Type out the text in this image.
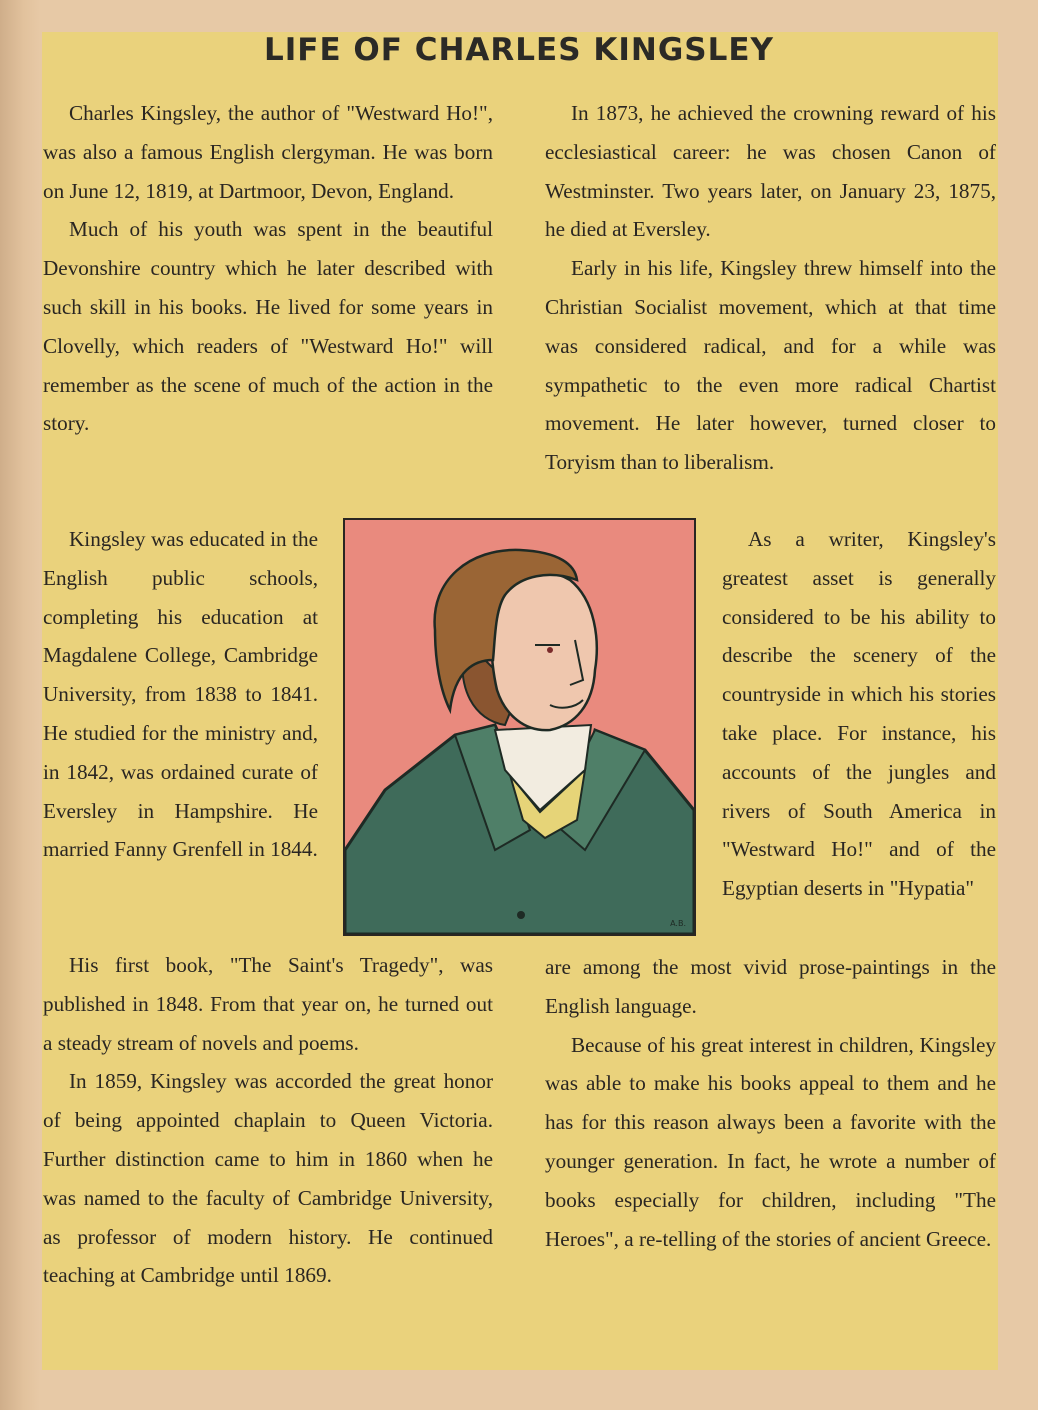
LIFE OF CHARLES KINGSLEY

Charles Kingsley, the author of "Westward Ho!", was also a famous English clergyman. He was born on June 12, 1819, at Dartmoor, Devon, England.

Much of his youth was spent in the beautiful Devonshire country which he later described with such skill in his books. He lived for some years in Clovelly, which readers of "Westward Ho!" will remember as the scene of much of the action in the story.

Kingsley was educated in the English public schools, completing his education at Magdalene College, Cambridge University, from 1838 to 1841. He studied for the ministry and, in 1842, was ordained curate of Eversley in Hampshire. He married Fanny Grenfell in 1844.

His first book, "The Saint's Tragedy", was published in 1848. From that year on, he turned out a steady stream of novels and poems.

In 1859, Kingsley was accorded the great honor of being appointed chaplain to Queen Victoria. Further distinction came to him in 1860 when he was named to the faculty of Cambridge University, as professor of modern history. He continued teaching at Cambridge until 1869.

In 1873, he achieved the crowning reward of his ecclesiastical career: he was chosen Canon of Westminster. Two years later, on January 23, 1875, he died at Eversley.

Early in his life, Kingsley threw himself into the Christian Socialist movement, which at that time was considered radical, and for a while was sympathetic to the even more radical Chartist movement. He later however, turned closer to Toryism than to liberalism.

As a writer, Kingsley's greatest asset is generally considered to be his ability to describe the scenery of the countryside in which his stories take place. For instance, his accounts of the jungles and rivers of South America in "Westward Ho!" and of the Egyptian deserts in "Hypatia"

are among the most vivid prose-paintings in the English language.

Because of his great interest in children, Kingsley was able to make his books appeal to them and he has for this reason always been a favorite with the younger generation. In fact, he wrote a number of books especially for children, including "The Heroes", a re-telling of the stories of ancient Greece.

A.B.
